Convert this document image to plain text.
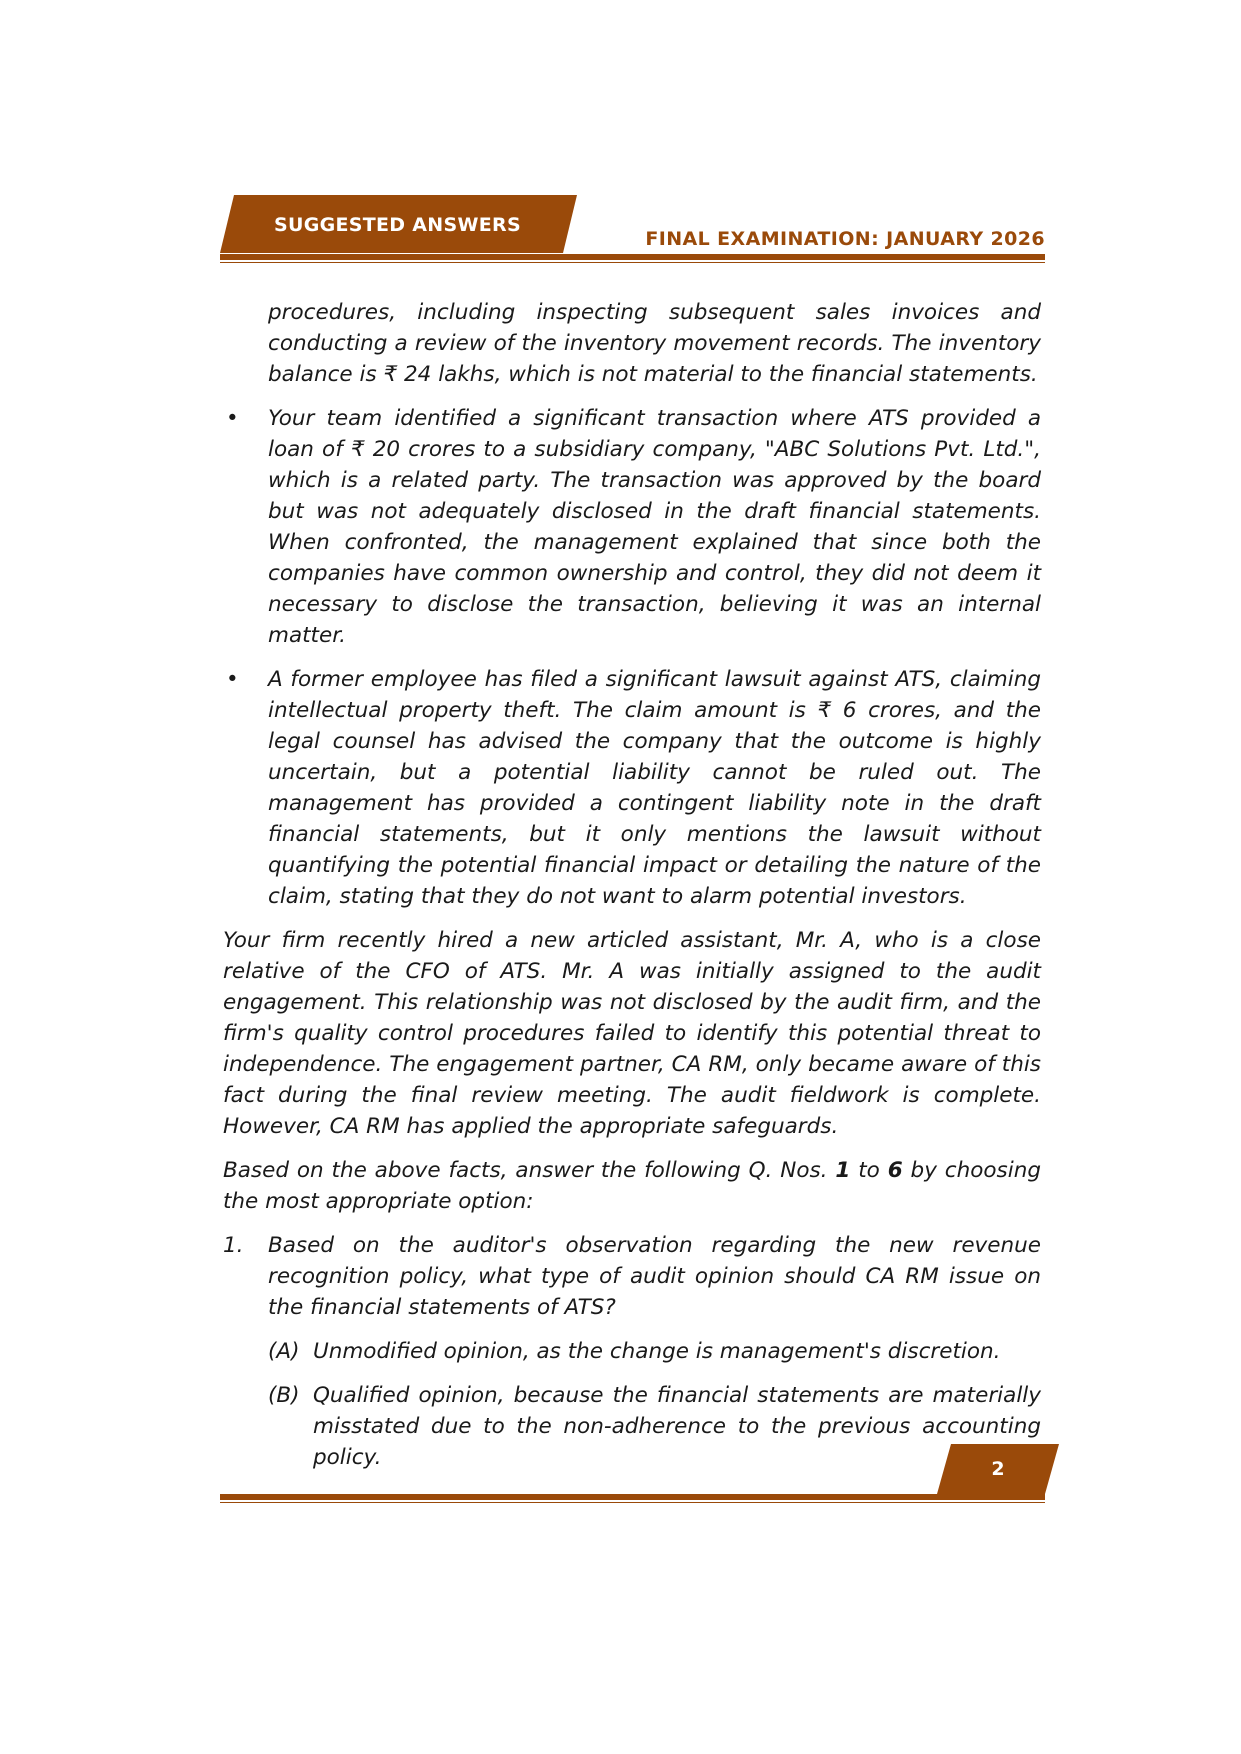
SUGGESTED ANSWERS
FINAL EXAMINATION: JANUARY 2026

procedures, including inspecting subsequent sales invoices and conducting a review of the inventory movement records. The inventory balance is ₹ 24 lakhs, which is not material to the financial statements.

• Your team identified a significant transaction where ATS provided a loan of ₹ 20 crores to a subsidiary company, "ABC Solutions Pvt. Ltd.", which is a related party. The transaction was approved by the board but was not adequately disclosed in the draft financial statements. When confronted, the management explained that since both the companies have common ownership and control, they did not deem it necessary to disclose the transaction, believing it was an internal matter.

• A former employee has filed a significant lawsuit against ATS, claiming intellectual property theft. The claim amount is ₹ 6 crores, and the legal counsel has advised the company that the outcome is highly uncertain, but a potential liability cannot be ruled out. The management has provided a contingent liability note in the draft financial statements, but it only mentions the lawsuit without quantifying the potential financial impact or detailing the nature of the claim, stating that they do not want to alarm potential investors.

Your firm recently hired a new articled assistant, Mr. A, who is a close relative of the CFO of ATS. Mr. A was initially assigned to the audit engagement. This relationship was not disclosed by the audit firm, and the firm's quality control procedures failed to identify this potential threat to independence. The engagement partner, CA RM, only became aware of this fact during the final review meeting. The audit fieldwork is complete. However, CA RM has applied the appropriate safeguards.

Based on the above facts, answer the following Q. Nos. 1 to 6 by choosing the most appropriate option:

1. Based on the auditor's observation regarding the new revenue recognition policy, what type of audit opinion should CA RM issue on the financial statements of ATS?

(A) Unmodified opinion, as the change is management's discretion.

(B) Qualified opinion, because the financial statements are materially misstated due to the non-adherence to the previous accounting policy.	2
